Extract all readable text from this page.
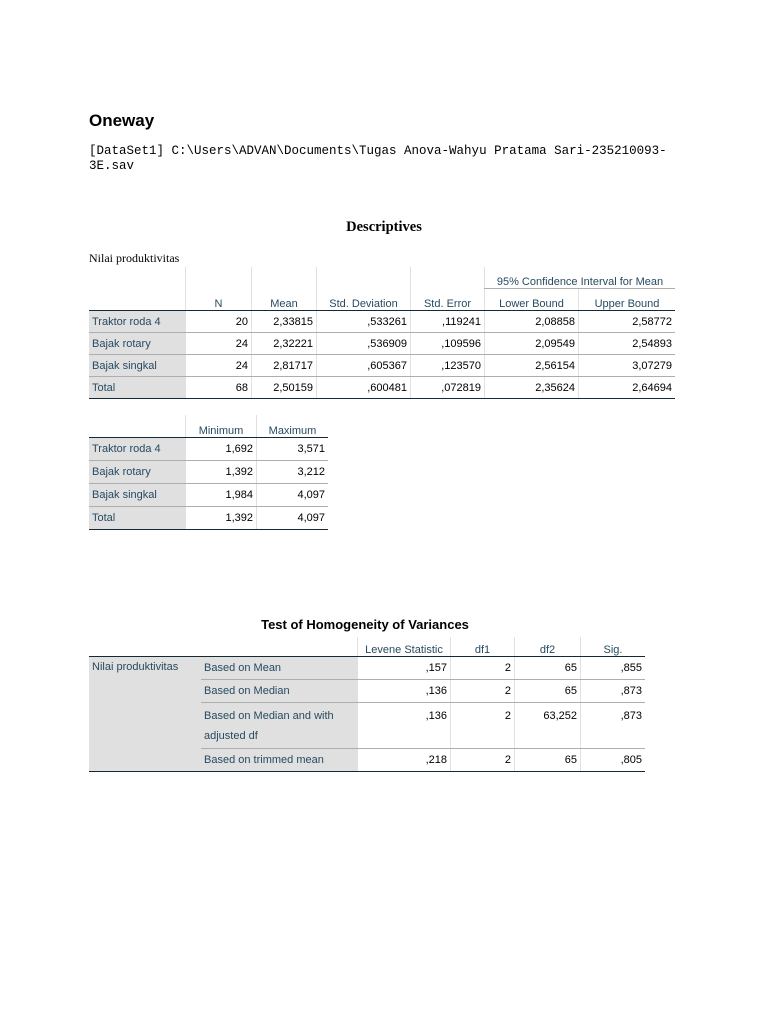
Oneway
[DataSet1] C:\Users\ADVAN\Documents\Tugas Anova-Wahyu Pratama Sari-235210093-3E.sav
Descriptives
Nilai produktivitas
					95% Confidence Interval for Mean	
	N	Mean	Std. Deviation	Std. Error	Lower Bound	Upper Bound
Traktor roda 4	20	2,33815	,533261	,119241	2,08858	2,58772
Bajak rotary	24	2,32221	,536909	,109596	2,09549	2,54893
Bajak singkal	24	2,81717	,605367	,123570	2,56154	3,07279
Total	68	2,50159	,600481	,072819	2,35624	2,64694
	Minimum	Maximum
Traktor roda 4	1,692	3,571
Bajak rotary	1,392	3,212
Bajak singkal	1,984	4,097
Total	1,392	4,097
Test of Homogeneity of Variances
		Levene Statistic	df1	df2	Sig.
Nilai produktivitas	Based on Mean	,157	2	65	,855
	Based on Median	,136	2	65	,873
	Based on Median and with adjusted df	,136	2	63,252	,873
	Based on trimmed mean	,218	2	65	,805
